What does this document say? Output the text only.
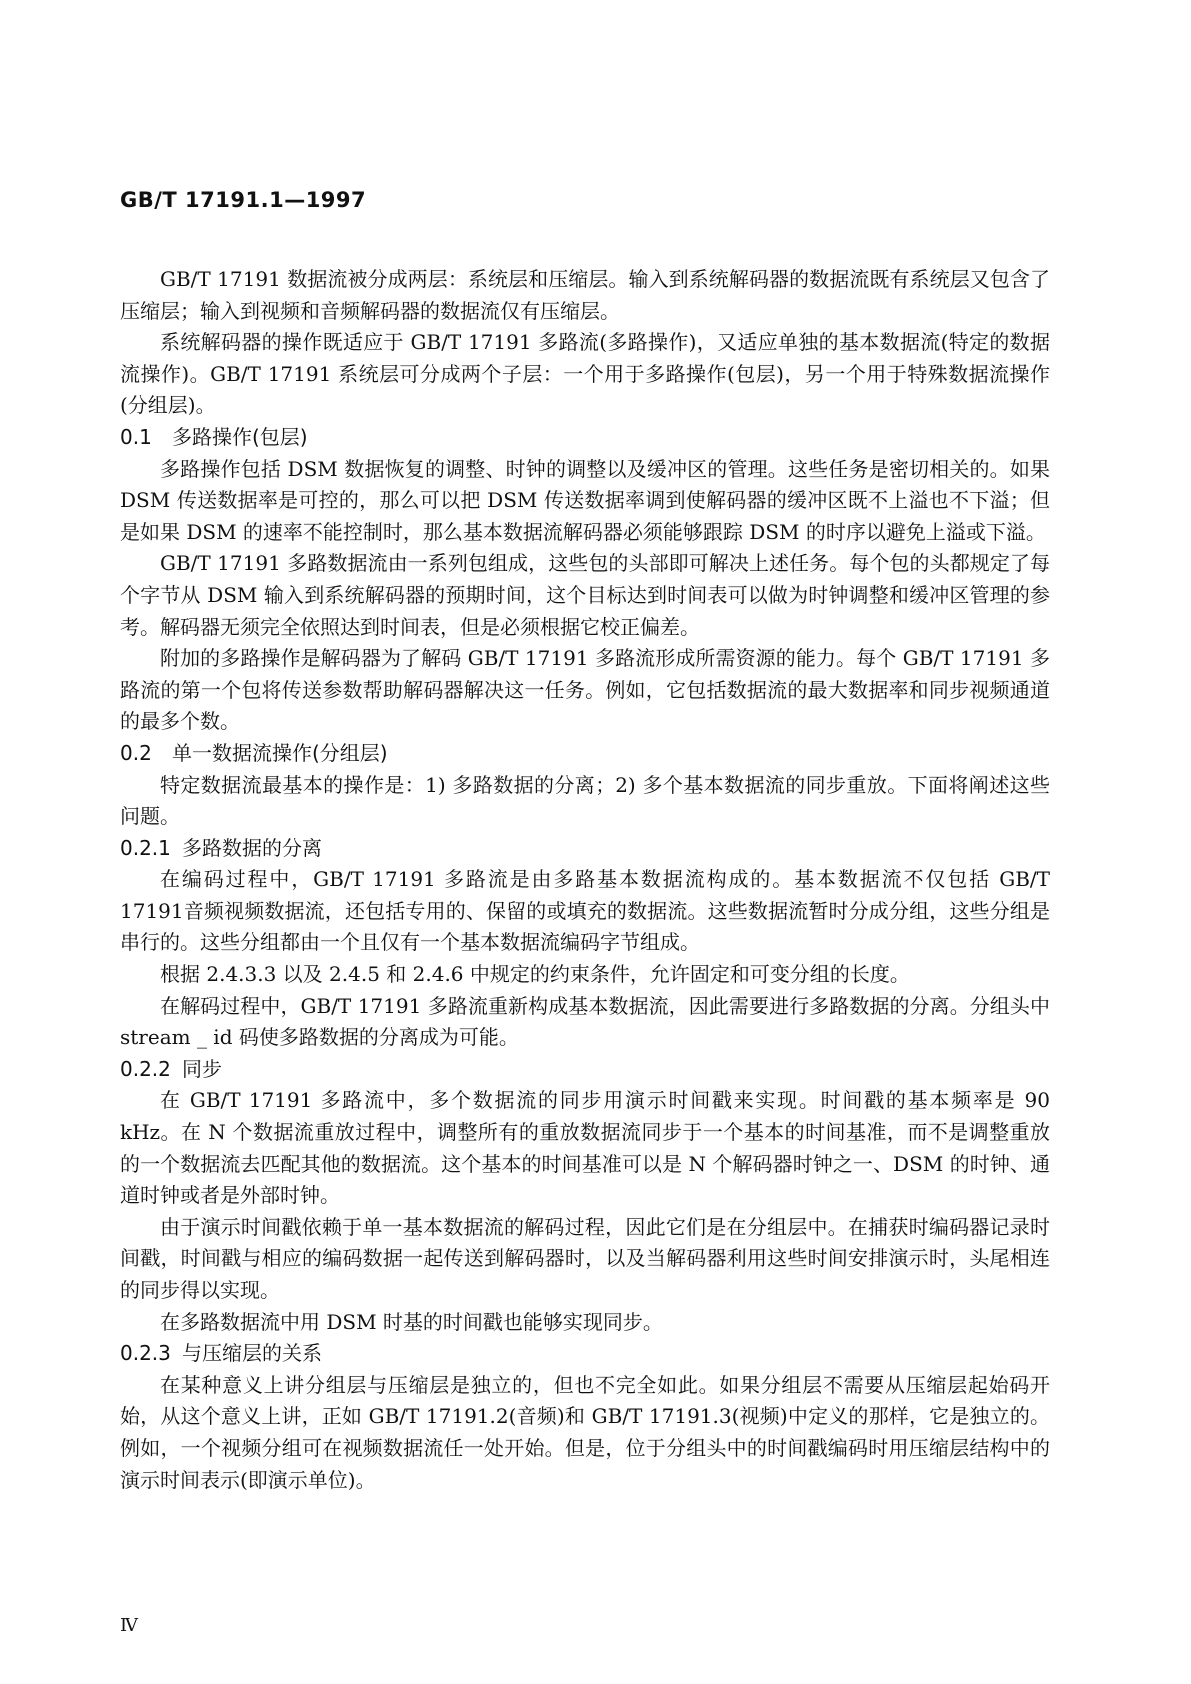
GB/T 17191.1—1997

GB/T 17191 数据流被分成两层：系统层和压缩层。输入到系统解码器的数据流既有系统层又包含了压缩层；输入到视频和音频解码器的数据流仅有压缩层。

系统解码器的操作既适应于 GB/T 17191 多路流(多路操作)，又适应单独的基本数据流(特定的数据流操作)。GB/T 17191 系统层可分成两个子层：一个用于多路操作(包层)，另一个用于特殊数据流操作(分组层)。

0.1 多路操作(包层)

多路操作包括 DSM 数据恢复的调整、时钟的调整以及缓冲区的管理。这些任务是密切相关的。如果 DSM 传送数据率是可控的，那么可以把 DSM 传送数据率调到使解码器的缓冲区既不上溢也不下溢；但是如果 DSM 的速率不能控制时，那么基本数据流解码器必须能够跟踪 DSM 的时序以避免上溢或下溢。

GB/T 17191 多路数据流由一系列包组成，这些包的头部即可解决上述任务。每个包的头都规定了每个字节从 DSM 输入到系统解码器的预期时间，这个目标达到时间表可以做为时钟调整和缓冲区管理的参考。解码器无须完全依照达到时间表，但是必须根据它校正偏差。

附加的多路操作是解码器为了解码 GB/T 17191 多路流形成所需资源的能力。每个 GB/T 17191 多路流的第一个包将传送参数帮助解码器解决这一任务。例如，它包括数据流的最大数据率和同步视频通道的最多个数。

0.2 单一数据流操作(分组层)

特定数据流最基本的操作是：1) 多路数据的分离；2) 多个基本数据流的同步重放。下面将阐述这些问题。

0.2.1 多路数据的分离

在编码过程中，GB/T 17191 多路流是由多路基本数据流构成的。基本数据流不仅包括 GB/T 17191音频视频数据流，还包括专用的、保留的或填充的数据流。这些数据流暂时分成分组，这些分组是串行的。这些分组都由一个且仅有一个基本数据流编码字节组成。

根据 2.4.3.3 以及 2.4.5 和 2.4.6 中规定的约束条件，允许固定和可变分组的长度。

在解码过程中，GB/T 17191 多路流重新构成基本数据流，因此需要进行多路数据的分离。分组头中 stream _ id 码使多路数据的分离成为可能。

0.2.2 同步

在 GB/T 17191 多路流中，多个数据流的同步用演示时间戳来实现。时间戳的基本频率是 90 kHz。在 N 个数据流重放过程中，调整所有的重放数据流同步于一个基本的时间基准，而不是调整重放的一个数据流去匹配其他的数据流。这个基本的时间基准可以是 N 个解码器时钟之一、DSM 的时钟、通道时钟或者是外部时钟。

由于演示时间戳依赖于单一基本数据流的解码过程，因此它们是在分组层中。在捕获时编码器记录时间戳，时间戳与相应的编码数据一起传送到解码器时，以及当解码器利用这些时间安排演示时，头尾相连的同步得以实现。

在多路数据流中用 DSM 时基的时间戳也能够实现同步。

0.2.3 与压缩层的关系

在某种意义上讲分组层与压缩层是独立的，但也不完全如此。如果分组层不需要从压缩层起始码开始，从这个意义上讲，正如 GB/T 17191.2(音频)和 GB/T 17191.3(视频)中定义的那样，它是独立的。例如，一个视频分组可在视频数据流任一处开始。但是，位于分组头中的时间戳编码时用压缩层结构中的演示时间表示(即演示单位)。

Ⅳ
